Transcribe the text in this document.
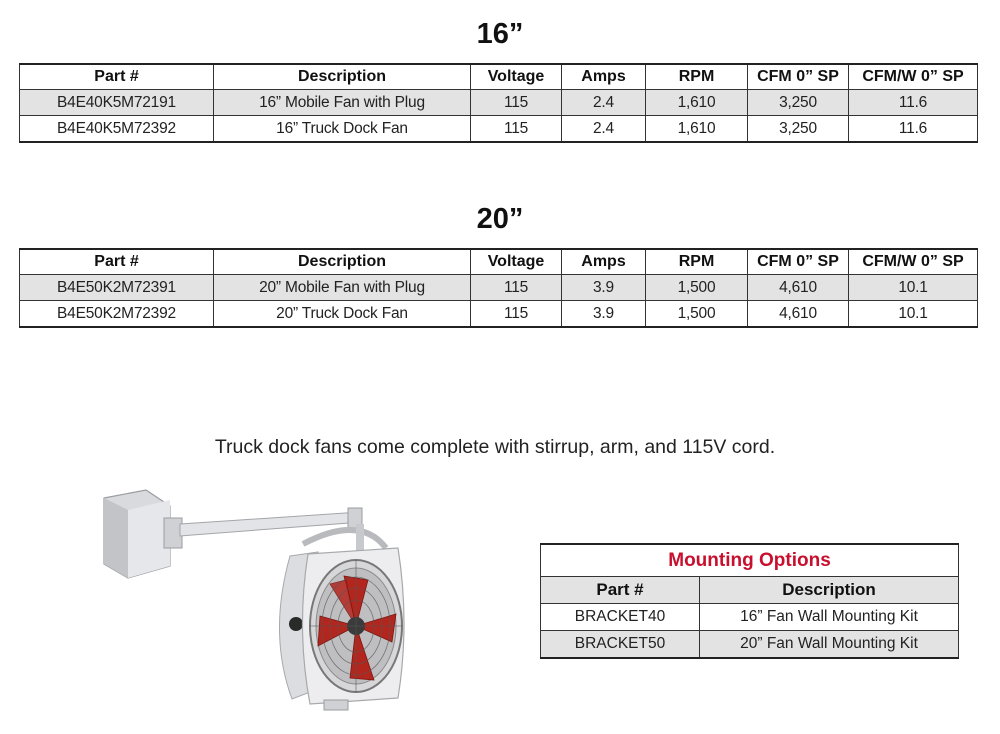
16”
Part #	Description	Voltage	Amps	RPM	CFM 0” SP	CFM/W 0” SP
B4E40K5M72191	16” Mobile Fan with Plug	115	2.4	1,610	3,250	11.6
B4E40K5M72392	16” Truck Dock Fan	115	2.4	1,610	3,250	11.6
20”
Part #	Description	Voltage	Amps	RPM	CFM 0” SP	CFM/W 0” SP
B4E50K2M72391	20” Mobile Fan with Plug	115	3.9	1,500	4,610	10.1
B4E50K2M72392	20” Truck Dock Fan	115	3.9	1,500	4,610	10.1
Truck dock fans come complete with stirrup, arm, and 115V cord.
Mounting Options	
Part #	Description
BRACKET40	16” Fan Wall Mounting Kit
BRACKET50	20” Fan Wall Mounting Kit
